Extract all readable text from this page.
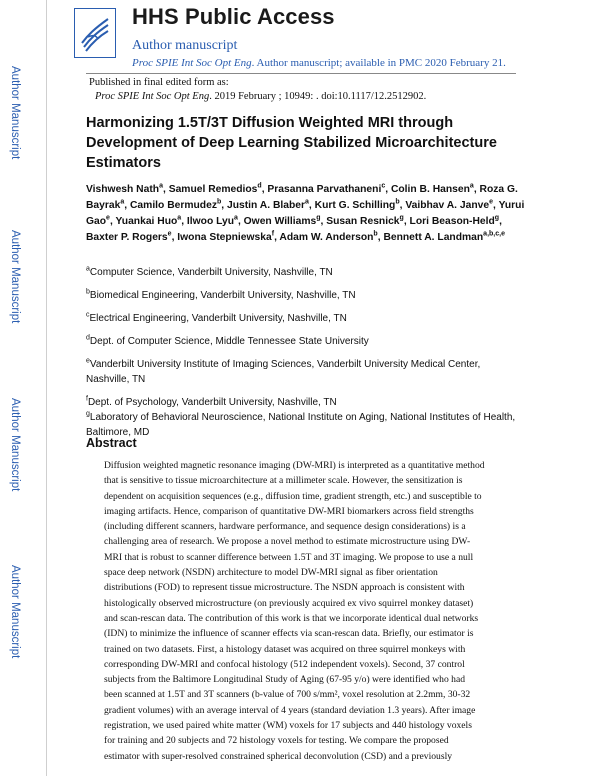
Author Manuscript
Author Manuscript
Author Manuscript
Author Manuscript
HHS Public Access
Author manuscript
Proc SPIE Int Soc Opt Eng. Author manuscript; available in PMC 2020 February 21.
Published in final edited form as:
Proc SPIE Int Soc Opt Eng. 2019 February ; 10949: . doi:10.1117/12.2512902.
Harmonizing 1.5T/3T Diffusion Weighted MRI through Development of Deep Learning Stabilized Microarchitecture Estimators
Vishwesh Nath$^a$, Samuel Remedios$^d$, Prasanna Parvathaneni$^c$, Colin B. Hansen$^a$, Roza G. Bayrak$^a$, Camilo Bermudez$^b$, Justin A. Blaber$^a$, Kurt G. Schilling$^b$, Vaibhav A. Janve$^e$, Yurui Gao$^e$, Yuankai Huo$^a$, Ilwoo Lyu$^a$, Owen Williams$^g$, Susan Resnick$^g$, Lori Beason-Held$^g$, Baxter P. Rogers$^e$, Iwona Stepniewska$^f$, Adam W. Anderson$^b$, Bennett A. Landman$^{a,b,c,e}$
$^a$Computer Science, Vanderbilt University, Nashville, TN
$^b$Biomedical Engineering, Vanderbilt University, Nashville, TN
$^c$Electrical Engineering, Vanderbilt University, Nashville, TN
$^d$Dept. of Computer Science, Middle Tennessee State University
$^e$Vanderbilt University Institute of Imaging Sciences, Vanderbilt University Medical Center, Nashville, TN
$^f$Dept. of Psychology, Vanderbilt University, Nashville, TN
$^g$Laboratory of Behavioral Neuroscience, National Institute on Aging, National Institutes of Health, Baltimore, MD
Abstract
Diffusion weighted magnetic resonance imaging (DW-MRI) is interpreted as a quantitative method
that is sensitive to tissue microarchitecture at a millimeter scale. However, the sensitization is
dependent on acquisition sequences (e.g., diffusion time, gradient strength, etc.) and susceptible to
imaging artifacts. Hence, comparison of quantitative DW-MRI biomarkers across field strengths
(including different scanners, hardware performance, and sequence design considerations) is a
challenging area of research. We propose a novel method to estimate microstructure using DW-
MRI that is robust to scanner difference between 1.5T and 3T imaging. We propose to use a null
space deep network (NSDN) architecture to model DW-MRI signal as fiber orientation
distributions (FOD) to represent tissue microstructure. The NSDN approach is consistent with
histologically observed microstructure (on previously acquired ex vivo squirrel monkey dataset)
and scan-rescan data. The contribution of this work is that we incorporate identical dual networks
(IDN) to minimize the influence of scanner effects via scan-rescan data. Briefly, our estimator is
trained on two datasets. First, a histology dataset was acquired on three squirrel monkeys with
corresponding DW-MRI and confocal histology (512 independent voxels). Second, 37 control
subjects from the Baltimore Longitudinal Study of Aging (67-95 y/o) were identified who had
been scanned at 1.5T and 3T scanners (b-value of 700 s/mm², voxel resolution at 2.2mm, 30-32
gradient volumes) with an average interval of 4 years (standard deviation 1.3 years). After image
registration, we used paired white matter (WM) voxels for 17 subjects and 440 histology voxels
for training and 20 subjects and 72 histology voxels for testing. We compare the proposed
estimator with super-resolved constrained spherical deconvolution (CSD) and a previously
